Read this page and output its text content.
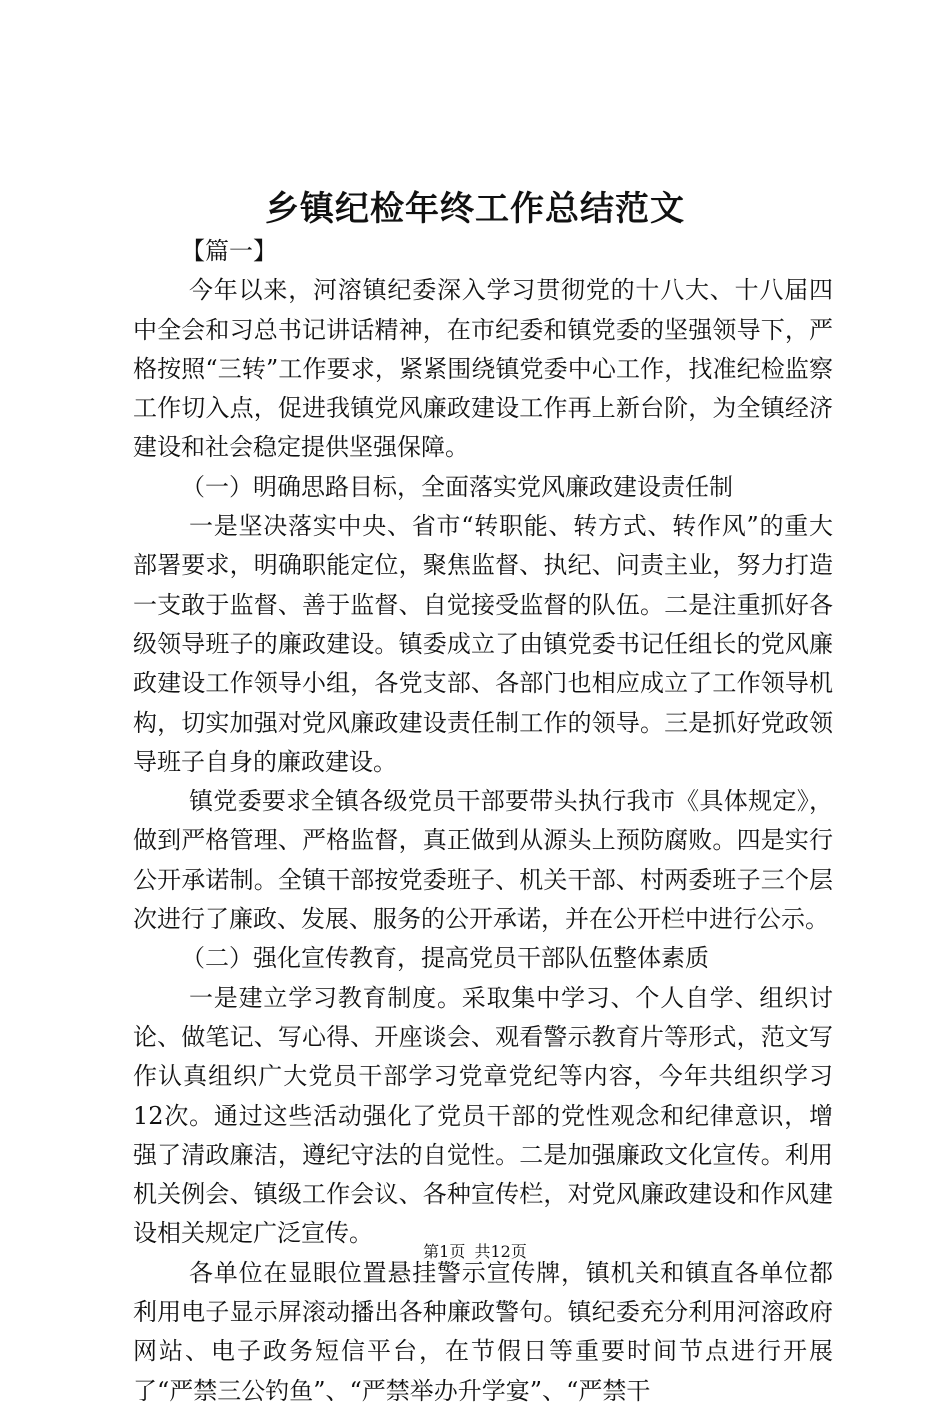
乡镇纪检年终工作总结范文

【篇一】

今年以来，河溶镇纪委深入学习贯彻党的十八大、十八届四中全会和习总书记讲话精神，在市纪委和镇党委的坚强领导下，严格按照“三转”工作要求，紧紧围绕镇党委中心工作，找准纪检监察工作切入点，促进我镇党风廉政建设工作再上新台阶，为全镇经济建设和社会稳定提供坚强保障。

（一）明确思路目标，全面落实党风廉政建设责任制

一是坚决落实中央、省市“转职能、转方式、转作风”的重大部署要求，明确职能定位，聚焦监督、执纪、问责主业，努力打造一支敢于监督、善于监督、自觉接受监督的队伍。二是注重抓好各级领导班子的廉政建设。镇委成立了由镇党委书记任组长的党风廉政建设工作领导小组，各党支部、各部门也相应成立了工作领导机构，切实加强对党风廉政建设责任制工作的领导。三是抓好党政领导班子自身的廉政建设。

镇党委要求全镇各级党员干部要带头执行我市《具体规定》，做到严格管理、严格监督，真正做到从源头上预防腐败。四是实行公开承诺制。全镇干部按党委班子、机关干部、村两委班子三个层次进行了廉政、发展、服务的公开承诺，并在公开栏中进行公示。

（二）强化宣传教育，提高党员干部队伍整体素质

一是建立学习教育制度。采取集中学习、个人自学、组织讨论、做笔记、写心得、开座谈会、观看警示教育片等形式，范文写作认真组织广大党员干部学习党章党纪等内容，今年共组织学习12次。通过这些活动强化了党员干部的党性观念和纪律意识，增强了清政廉洁，遵纪守法的自觉性。二是加强廉政文化宣传。利用机关例会、镇级工作会议、各种宣传栏，对党风廉政建设和作风建设相关规定广泛宣传。

各单位在显眼位置悬挂警示宣传牌，镇机关和镇直各单位都利用电子显示屏滚动播出各种廉政警句。镇纪委充分利用河溶政府网站、电子政务短信平台，在节假日等重要时间节点进行开展了“严禁三公钓鱼”、“严禁举办升学宴”、“严禁干

第1页 共12页
